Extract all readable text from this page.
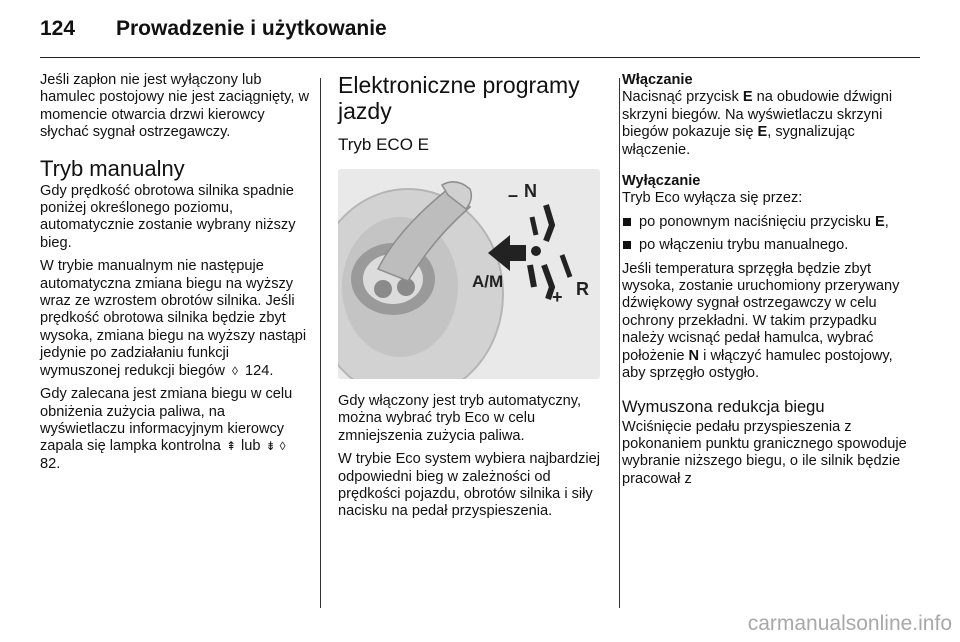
124	Prowadzenie i użytkowanie

Jeśli zapłon nie jest wyłączony lub hamulec postojowy nie jest zaciągnięty, w momencie otwarcia drzwi kierowcy słychać sygnał ostrzegawczy.

Tryb manualny

Gdy prędkość obrotowa silnika spadnie poniżej określonego poziomu, automatycznie zostanie wybrany niższy bieg.

W trybie manualnym nie następuje automatyczna zmiana biegu na wyższy wraz ze wzrostem obrotów silnika. Jeśli prędkość obrotowa silnika będzie zbyt wysoka, zmiana biegu na wyższy nastąpi jedynie po zadziałaniu funkcji wymuszonej redukcji biegów ◊ 124.

Gdy zalecana jest zmiana biegu w celu obniżenia zużycia paliwa, na wyświetlaczu informacyjnym kierowcy zapala się lampka kontrolna ⇞ lub ⇟ ◊ 82.

Elektroniczne programy jazdy
Tryb ECO E
– N
A/M
+ R

Gdy włączony jest tryb automatyczny, można wybrać tryb Eco w celu zmniejszenia zużycia paliwa.

W trybie Eco system wybiera najbardziej odpowiedni bieg w zależności od prędkości pojazdu, obrotów silnika i siły nacisku na pedał przyspieszenia.

Włączanie

Nacisnąć przycisk E na obudowie dźwigni skrzyni biegów. Na wyświetlaczu skrzyni biegów pokazuje się E, sygnalizując włączenie.

Wyłączanie

Tryb Eco wyłącza się przez:

po ponownym naciśnięciu przycisku E,
po włączeniu trybu manualnego.

Jeśli temperatura sprzęgła będzie zbyt wysoka, zostanie uruchomiony przerywany dźwiękowy sygnał ostrzegawczy w celu ochrony przekładni. W takim przypadku należy wcisnąć pedał hamulca, wybrać położenie N i włączyć hamulec postojowy, aby sprzęgło ostygło.

Wymuszona redukcja biegu

Wciśnięcie pedału przyspieszenia z pokonaniem punktu granicznego spowoduje wybranie niższego biegu, o ile silnik będzie pracował z

carmanualsonline.info
